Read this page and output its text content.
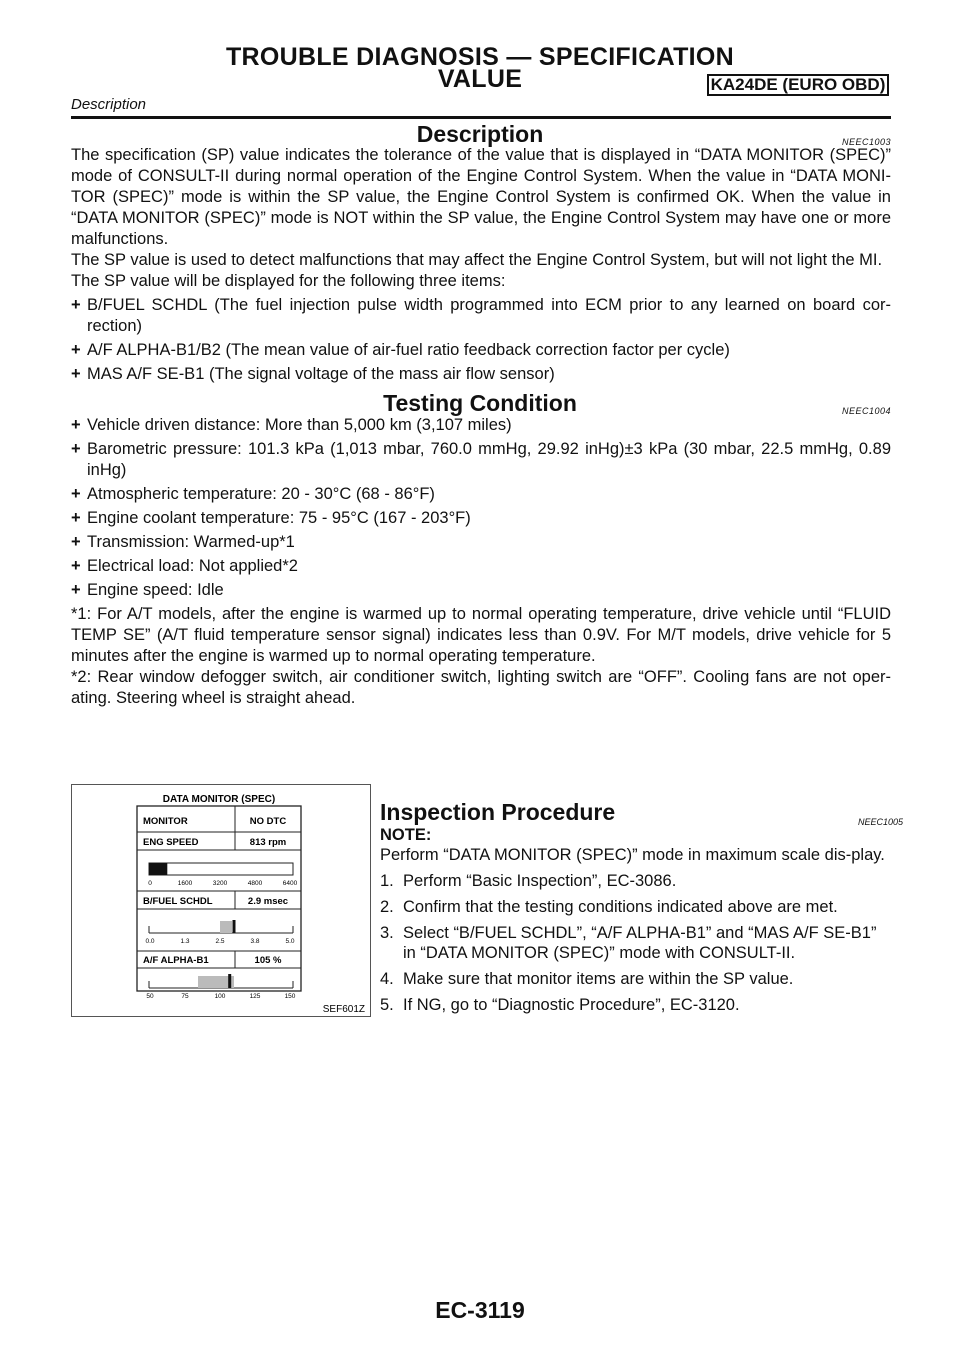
TROUBLE DIAGNOSIS — SPECIFICATION
VALUE	KA24DE (EURO OBD)
Description
Description	NEEC1003

The specification (SP) value indicates the tolerance of the value that is displayed in “DATA MONITOR (SPEC)” mode of CONSULT-II during normal operation of the Engine Control System. When the value in “DATA MONI-TOR (SPEC)” mode is within the SP value, the Engine Control System is confirmed OK. When the value in “DATA MONITOR (SPEC)” mode is NOT within the SP value, the Engine Control System may have one or more malfunctions.

The SP value is used to detect malfunctions that may affect the Engine Control System, but will not light the MI.

The SP value will be displayed for the following three items:

+ B/FUEL SCHDL (The fuel injection pulse width programmed into ECM prior to any learned on board cor-rection)
+ A/F ALPHA-B1/B2 (The mean value of air-fuel ratio feedback correction factor per cycle)
+ MAS A/F SE-B1 (The signal voltage of the mass air flow sensor)
Testing Condition	NEEC1004
+ Vehicle driven distance: More than 5,000 km (3,107 miles)
+ Barometric pressure: 101.3 kPa (1,013 mbar, 760.0 mmHg, 29.92 inHg)±3 kPa (30 mbar, 22.5 mmHg, 0.89 inHg)
+ Atmospheric temperature: 20 - 30°C (68 - 86°F)
+ Engine coolant temperature: 75 - 95°C (167 - 203°F)
+ Transmission: Warmed-up*1
+ Electrical load: Not applied*2
+ Engine speed: Idle

*1: For A/T models, after the engine is warmed up to normal operating temperature, drive vehicle until “FLUID TEMP SE” (A/T fluid temperature sensor signal) indicates less than 0.9V. For M/T models, drive vehicle for 5 minutes after the engine is warmed up to normal operating temperature.

*2: Rear window defogger switch, air conditioner switch, lighting switch are “OFF”. Cooling fans are not oper-ating. Steering wheel is straight ahead.

DATA MONITOR (SPEC)
MONITOR	NO DTC
ENG SPEED	813 rpm
0	1600	3200	4800	6400
B/FUEL SCHDL	2.9 msec
0.0	1.3	2.5	3.8	5.0
A/F ALPHA-B1	105 %
50	75	100	125	150
SEF601Z
Inspection Procedure	NEEC1005

NOTE:

Perform “DATA MONITOR (SPEC)” mode in maximum scale dis-play.

1. Perform “Basic Inspection”, EC-3086.
2. Confirm that the testing conditions indicated above are met.
3. Select “B/FUEL SCHDL”, “A/F ALPHA-B1” and “MAS A/F SE-B1” in “DATA MONITOR (SPEC)” mode with CONSULT-II.
4. Make sure that monitor items are within the SP value.
5. If NG, go to “Diagnostic Procedure”, EC-3120.
EC-3119
